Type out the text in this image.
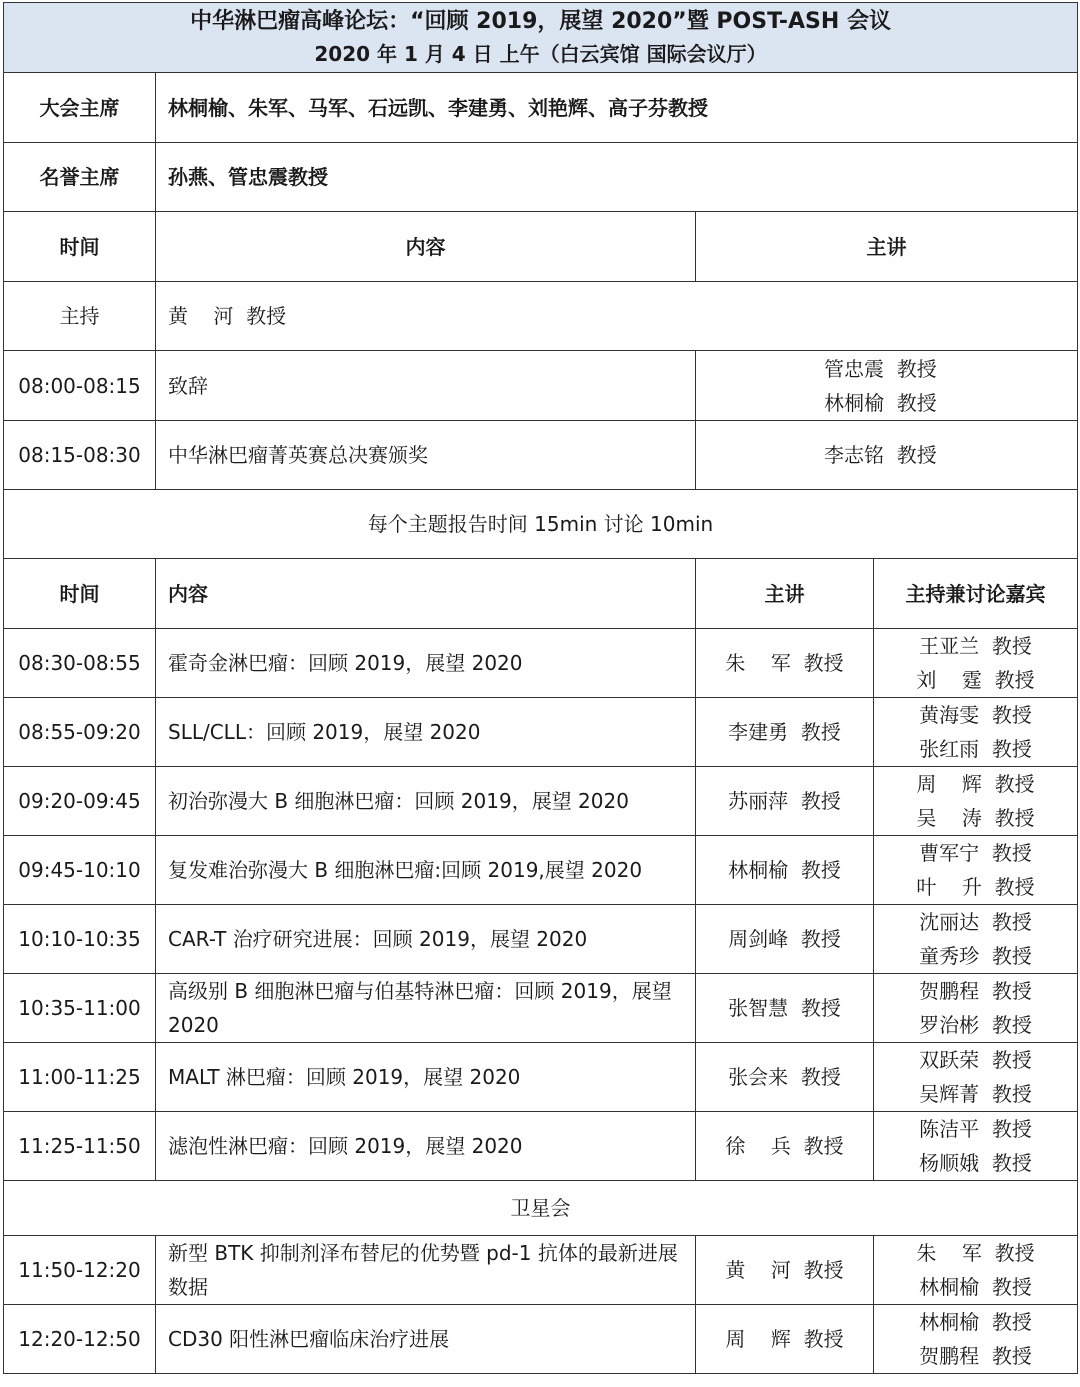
中华淋巴瘤高峰论坛：“回顾 2019，展望 2020”暨 POST-ASH 会议
2020 年 1 月 4 日 上午（白云宾馆 国际会议厅）			

大会主席	林桐榆、朱军、马军、石远凯、李建勇、刘艳辉、高子芬教授		
名誉主席	孙燕、管忠震教授		
时间	内容	主讲	
主持	黄    河  教授		
08:00-08:15	致辞	管忠震  教授
林桐榆  教授	

08:15-08:30	中华淋巴瘤菁英赛总决赛颁奖	李志铭  教授	

每个主题报告时间 15min 讨论 10min			
时间	内容	主讲	主持兼讨论嘉宾
08:30-08:55	霍奇金淋巴瘤：回顾 2019，展望 2020	朱    军  教授	王亚兰  教授
刘    霆  教授

08:55-09:20	SLL/CLL：回顾 2019，展望 2020	李建勇  教授	黄海雯  教授
张红雨  教授

09:20-09:45	初治弥漫大 B 细胞淋巴瘤：回顾 2019，展望 2020	苏丽萍  教授	周    辉  教授
吴    涛  教授

09:45-10:10	复发难治弥漫大 B 细胞淋巴瘤:回顾 2019,展望 2020	林桐榆  教授	曹军宁  教授
叶    升  教授

10:10-10:35	CAR-T 治疗研究进展：回顾 2019，展望 2020	周剑峰  教授	沈丽达  教授
童秀珍  教授

10:35-11:00	高级别 B 细胞淋巴瘤与伯基特淋巴瘤：回顾 2019，展望 2020	张智慧  教授	贺鹏程  教授
罗治彬  教授

11:00-11:25	MALT 淋巴瘤：回顾 2019，展望 2020	张会来  教授	双跃荣  教授
吴辉菁  教授

11:25-11:50	滤泡性淋巴瘤：回顾 2019，展望 2020	徐    兵  教授	陈洁平  教授
杨顺娥  教授

卫星会			
11:50-12:20	新型 BTK 抑制剂泽布替尼的优势暨 pd-1 抗体的最新进展数据	黄    河  教授	朱    军  教授
林桐榆  教授

12:20-12:50	CD30 阳性淋巴瘤临床治疗进展	周    辉  教授	林桐榆  教授
贺鹏程  教授
